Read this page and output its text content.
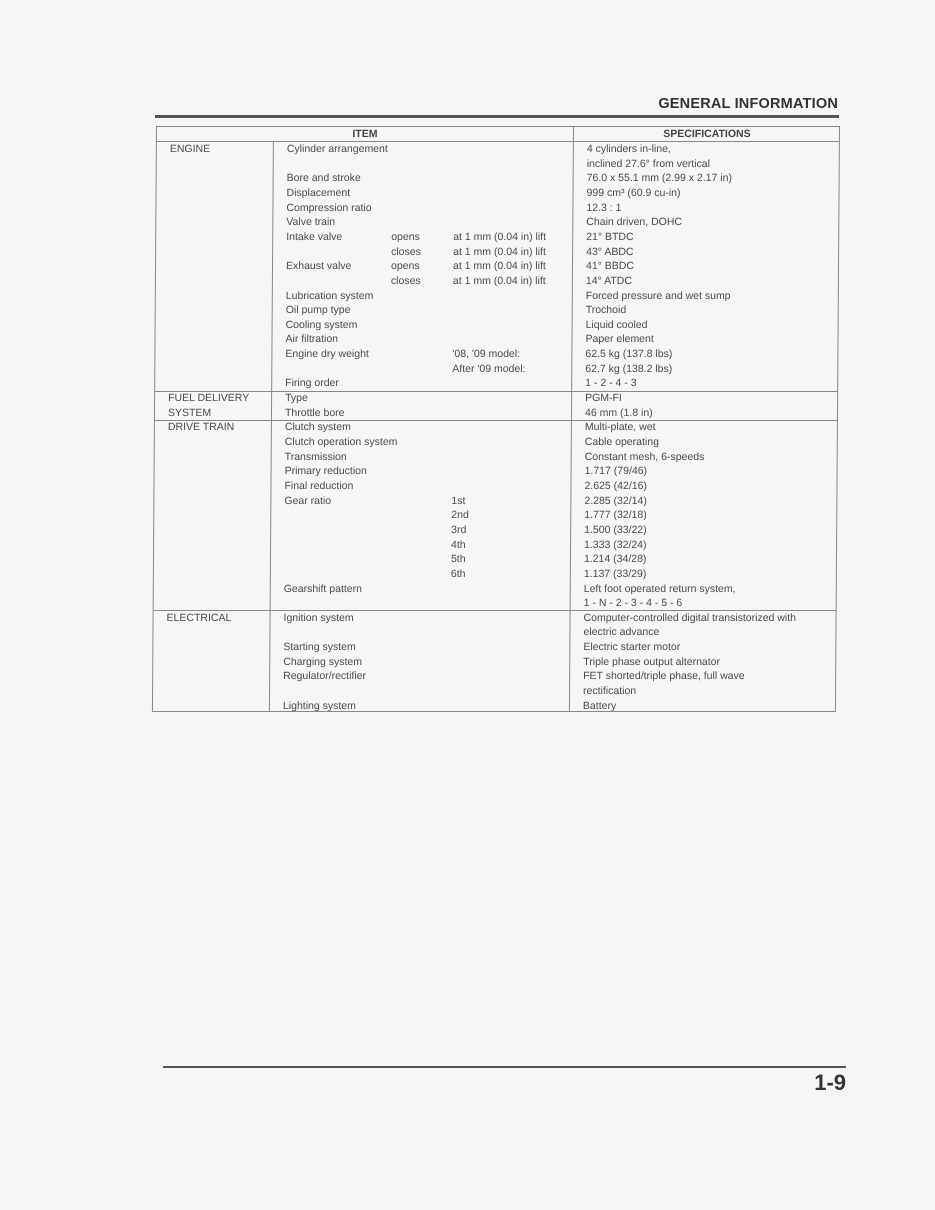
GENERAL INFORMATION
ITEM	SPECIFICATIONS
ENGINE	Cylinder arrangement	4 cylinders in-line,
inclined 27.6° from vertical
Bore and stroke	76.0 x 55.1 mm (2.99 x 2.17 in)
Displacement	999 cm³ (60.9 cu-in)
Compression ratio	12.3 : 1
Valve train	Chain driven, DOHC
Intake valve	opens	at 1 mm (0.04 in) lift	21° BTDC
closes	at 1 mm (0.04 in) lift	43° ABDC
Exhaust valve	opens	at 1 mm (0.04 in) lift	41° BBDC
closes	at 1 mm (0.04 in) lift	14° ATDC
Lubrication system	Forced pressure and wet sump
Oil pump type	Trochoid
Cooling system	Liquid cooled
Air filtration	Paper element
Engine dry weight	'08, '09 model:	62.5 kg (137.8 lbs)
After '09 model:	62.7 kg (138.2 lbs)
Firing order	1 - 2 - 4 - 3
FUEL DELIVERY	Type	PGM-FI
SYSTEM	Throttle bore	46 mm (1.8 in)
DRIVE TRAIN	Clutch system	Multi-plate, wet
Clutch operation system	Cable operating
Transmission	Constant mesh, 6-speeds
Primary reduction	1.717 (79/46)
Final reduction	2.625 (42/16)
Gear ratio	1st	2.285 (32/14)
2nd	1.777 (32/18)
3rd	1.500 (33/22)
4th	1.333 (32/24)
5th	1.214 (34/28)
6th	1.137 (33/29)
Gearshift pattern	Left foot operated return system,
1 - N - 2 - 3 - 4 - 5 - 6
ELECTRICAL	Ignition system	Computer-controlled digital transistorized with
electric advance
Starting system	Electric starter motor
Charging system	Triple phase output alternator
Regulator/rectifier	FET shorted/triple phase, full wave
rectification
Lighting system	Battery
1-9
